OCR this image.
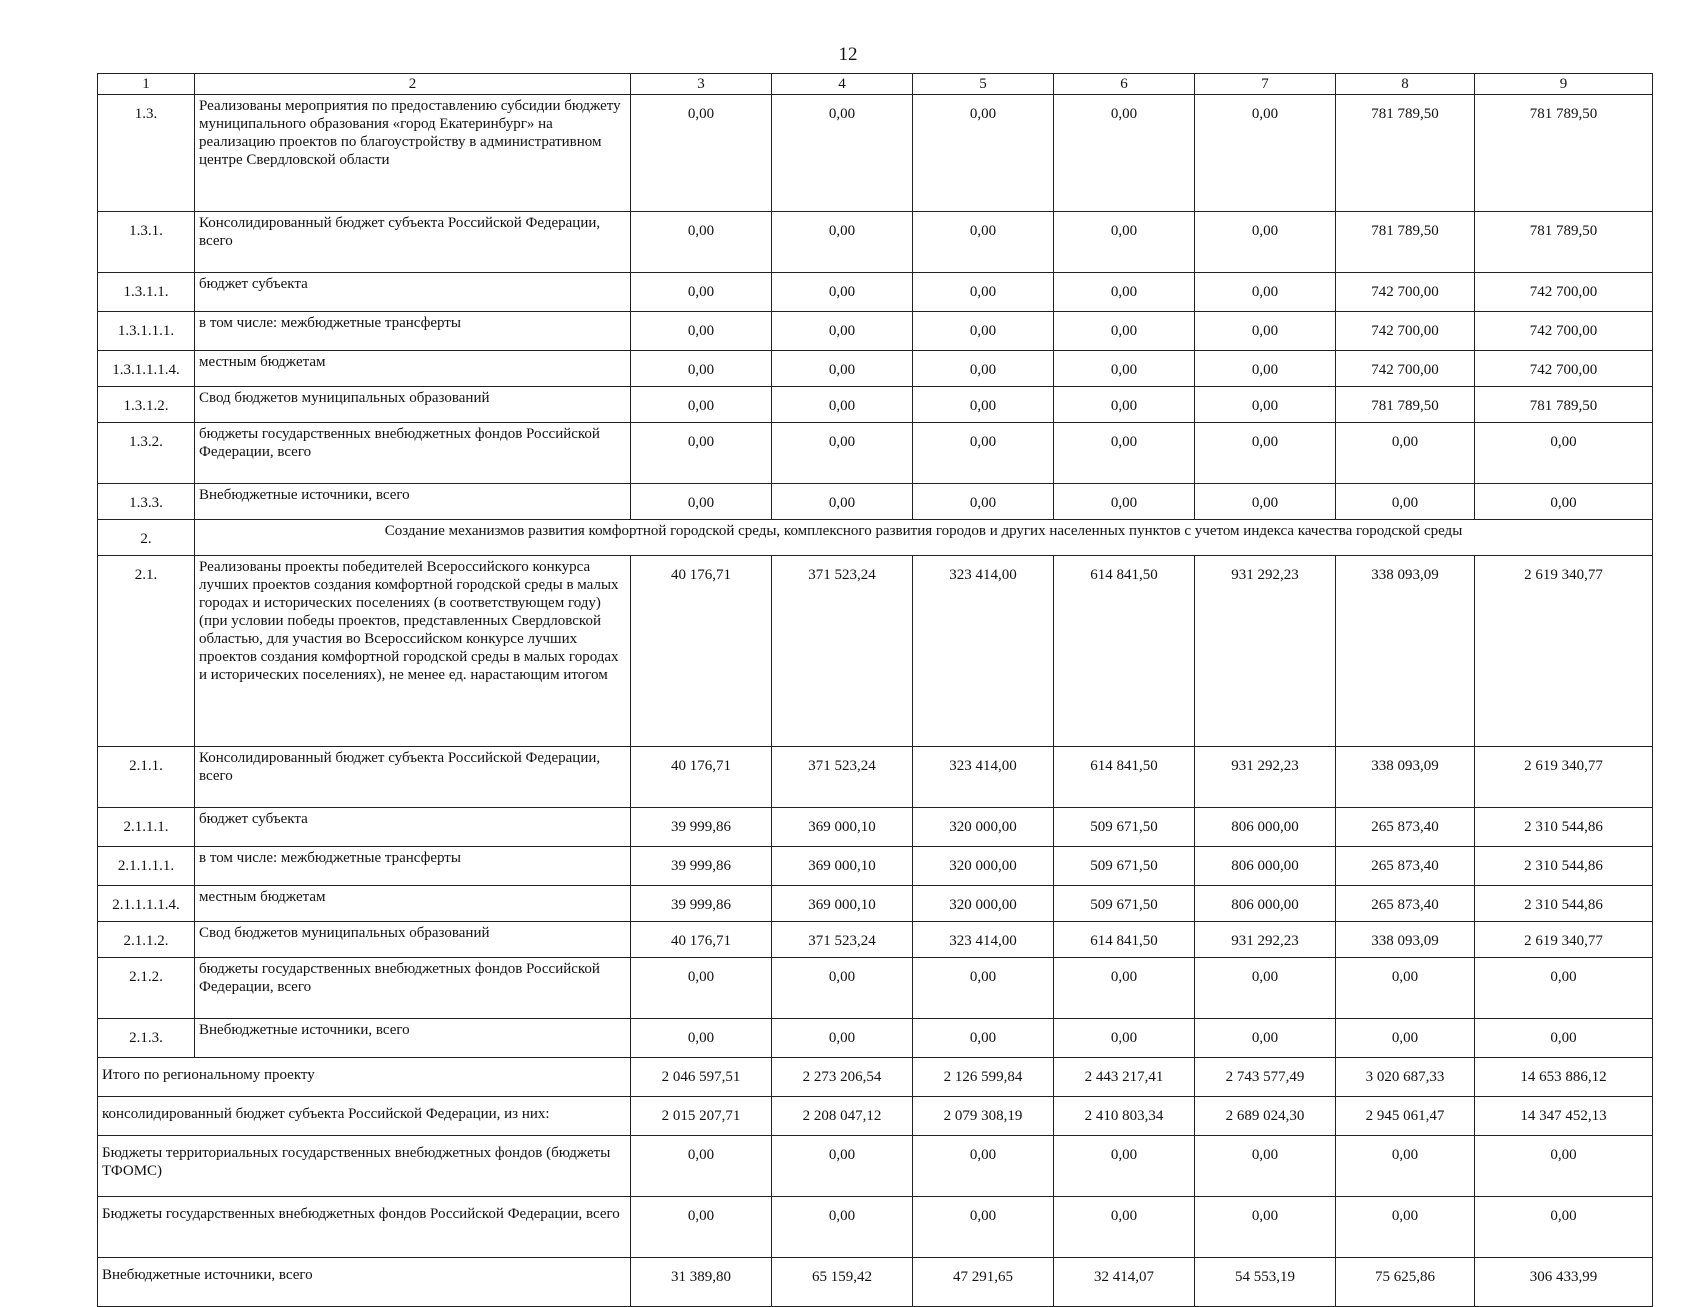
12
1	2	3	4	5	6	7	8	9
1.3.	Реализованы мероприятия по предоставлению субсидии бюджету муниципального образования «город Екатеринбург» на реализацию проектов по благоустройству в административном центре Свердловской области	0,00	0,00	0,00	0,00	0,00	781 789,50	781 789,50
1.3.1.	Консолидированный бюджет субъекта Российской Федерации, всего	0,00	0,00	0,00	0,00	0,00	781 789,50	781 789,50
1.3.1.1.	бюджет субъекта	0,00	0,00	0,00	0,00	0,00	742 700,00	742 700,00
1.3.1.1.1.	в том числе: межбюджетные трансферты	0,00	0,00	0,00	0,00	0,00	742 700,00	742 700,00
1.3.1.1.1.4.	местным бюджетам	0,00	0,00	0,00	0,00	0,00	742 700,00	742 700,00
1.3.1.2.	Свод бюджетов муниципальных образований	0,00	0,00	0,00	0,00	0,00	781 789,50	781 789,50
1.3.2.	бюджеты государственных внебюджетных фондов Российской Федерации, всего	0,00	0,00	0,00	0,00	0,00	0,00	0,00
1.3.3.	Внебюджетные источники, всего	0,00	0,00	0,00	0,00	0,00	0,00	0,00
2.	Создание механизмов развития комфортной городской среды, комплексного развития городов и других населенных пунктов с учетом индекса качества городской среды							
2.1.	Реализованы проекты победителей Всероссийского конкурса лучших проектов создания комфортной городской среды в малых городах и исторических поселениях (в соответствующем году) (при условии победы проектов, представленных Свердловской областью, для участия во Всероссийском конкурсе лучших проектов создания комфортной городской среды в малых городах и исторических поселениях), не менее ед. нарастающим итогом	40 176,71	371 523,24	323 414,00	614 841,50	931 292,23	338 093,09	2 619 340,77
2.1.1.	Консолидированный бюджет субъекта Российской Федерации, всего	40 176,71	371 523,24	323 414,00	614 841,50	931 292,23	338 093,09	2 619 340,77
2.1.1.1.	бюджет субъекта	39 999,86	369 000,10	320 000,00	509 671,50	806 000,00	265 873,40	2 310 544,86
2.1.1.1.1.	в том числе: межбюджетные трансферты	39 999,86	369 000,10	320 000,00	509 671,50	806 000,00	265 873,40	2 310 544,86
2.1.1.1.1.4.	местным бюджетам	39 999,86	369 000,10	320 000,00	509 671,50	806 000,00	265 873,40	2 310 544,86
2.1.1.2.	Свод бюджетов муниципальных образований	40 176,71	371 523,24	323 414,00	614 841,50	931 292,23	338 093,09	2 619 340,77
2.1.2.	бюджеты государственных внебюджетных фондов Российской Федерации, всего	0,00	0,00	0,00	0,00	0,00	0,00	0,00
2.1.3.	Внебюджетные источники, всего	0,00	0,00	0,00	0,00	0,00	0,00	0,00
Итого по региональному проекту		2 046 597,51	2 273 206,54	2 126 599,84	2 443 217,41	2 743 577,49	3 020 687,33	14 653 886,12
консолидированный бюджет субъекта Российской Федерации, из них:		2 015 207,71	2 208 047,12	2 079 308,19	2 410 803,34	2 689 024,30	2 945 061,47	14 347 452,13
Бюджеты территориальных государственных внебюджетных фондов (бюджеты ТФОМС)		0,00	0,00	0,00	0,00	0,00	0,00	0,00
Бюджеты государственных внебюджетных фондов Российской Федерации, всего		0,00	0,00	0,00	0,00	0,00	0,00	0,00
Внебюджетные источники, всего		31 389,80	65 159,42	47 291,65	32 414,07	54 553,19	75 625,86	306 433,99
